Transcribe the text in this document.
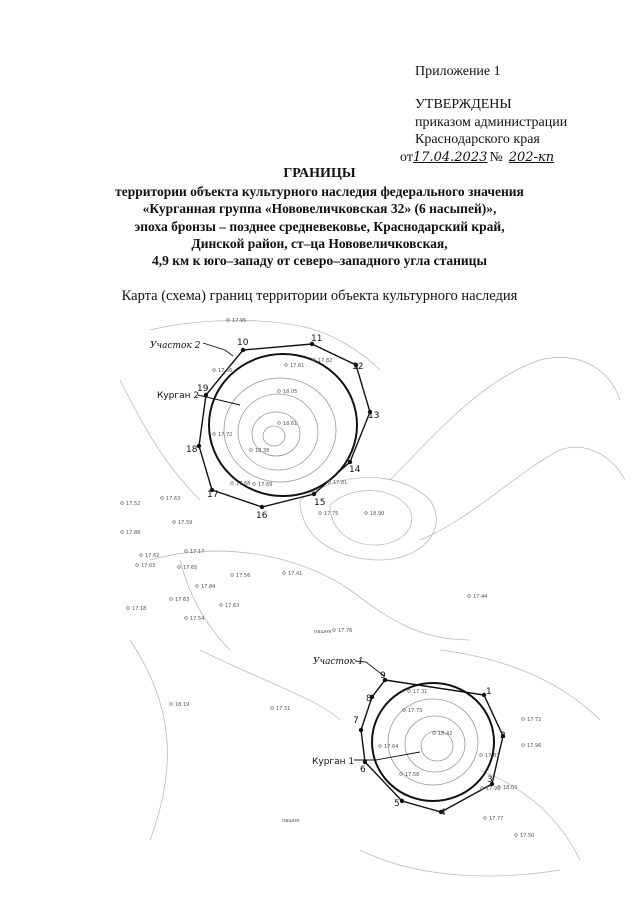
Приложение 1
УТВЕРЖДЕНЫ
приказом администрации
Краснодарского края
от17.04.2023 № 202-кп
ГРАНИЦЫ
территории объекта культурного наследия федерального значения
«Курганная группа «Нововеличковская 32» (6 насыпей)»,
эпоха бронзы – позднее средневековье, Краснодарский край,
Динской район, ст–ца Нововеличковская,
4,9 км к юго–западу от северо–западного угла станицы
Карта (схема) границ территории объекта культурного наследия
10	11
12
13
14
15
16
17
18
19
1
2
3
4
5
6
7
8
9
17.95
17.61
17.66
18.05
17.82
17.72
18.61
18.38
17.68 17.69	17.81
17.52
17.63
17.59
17.88
18.90
17.75
17.62
17.17
17.63	17.65
17.56
17.84
17.41
17.63
17.63
17.18
17.54
17.44
17.76
18.19
17.31
17.31
17.73
18.42
17.64
17.83
17.96
17.58
17.95 18.03
17.77
17.72
17.50
Участок 2
Участок 1
Курган 2
Курган 1
пашня
пашня
